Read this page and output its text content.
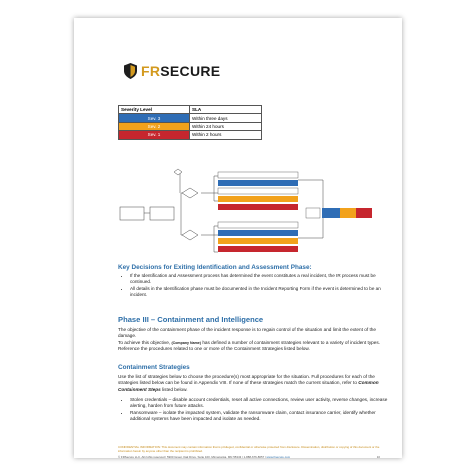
FRSECURE
Severity Level	SLA
Sev. 3	Within three days
Sev. 2	Within 24 hours
Sev. 1	Within 2 hours
Key Decisions for Exiting Identification and Assessment Phase:
• If the Identification and Assessment process has determined the event constitutes a real incident, the IR process must be continued.
• All details in the Identification phase must be documented in the Incident Reporting Form if the event is determined to be an incident.
Phase III – Containment and Intelligence

The objective of the containment phase of the incident response is to regain control of the situation and limit the extent of the damage.

To achieve this objective, (Company Name) has defined a number of containment strategies relevant to a variety of incident types. Reference the procedures related to one or more of the Containment Strategies listed below.

Containment Strategies

Use the list of strategies below to choose the procedure(s) most appropriate for the situation. Full procedures for each of the strategies listed below can be found in Appendix VIII. If none of these strategies match the current situation, refer to Common Containment Steps listed below.

• Stolen credentials – disable account credentials, reset all active connections, review user activity, reverse changes, increase alerting, harden from future attacks.
• Ransomware – isolate the impacted system, validate the ransomware claim, contact insurance carrier, identify whether additional systems have been impacted and isolate as needed.

CONFIDENTIAL INFORMATION: This document may contain information that is privileged, confidential or otherwise protected from disclosure. Dissemination, distribution or copying of this document or the information herein by anyone other than the recipient is prohibited.

© FRSecure LLC, All rights reserved | 5900 Green Oak Drive, Suite 100, Minnetonka, MN 55343 | 1-888-676-8657 | www.frsecure.com	10
